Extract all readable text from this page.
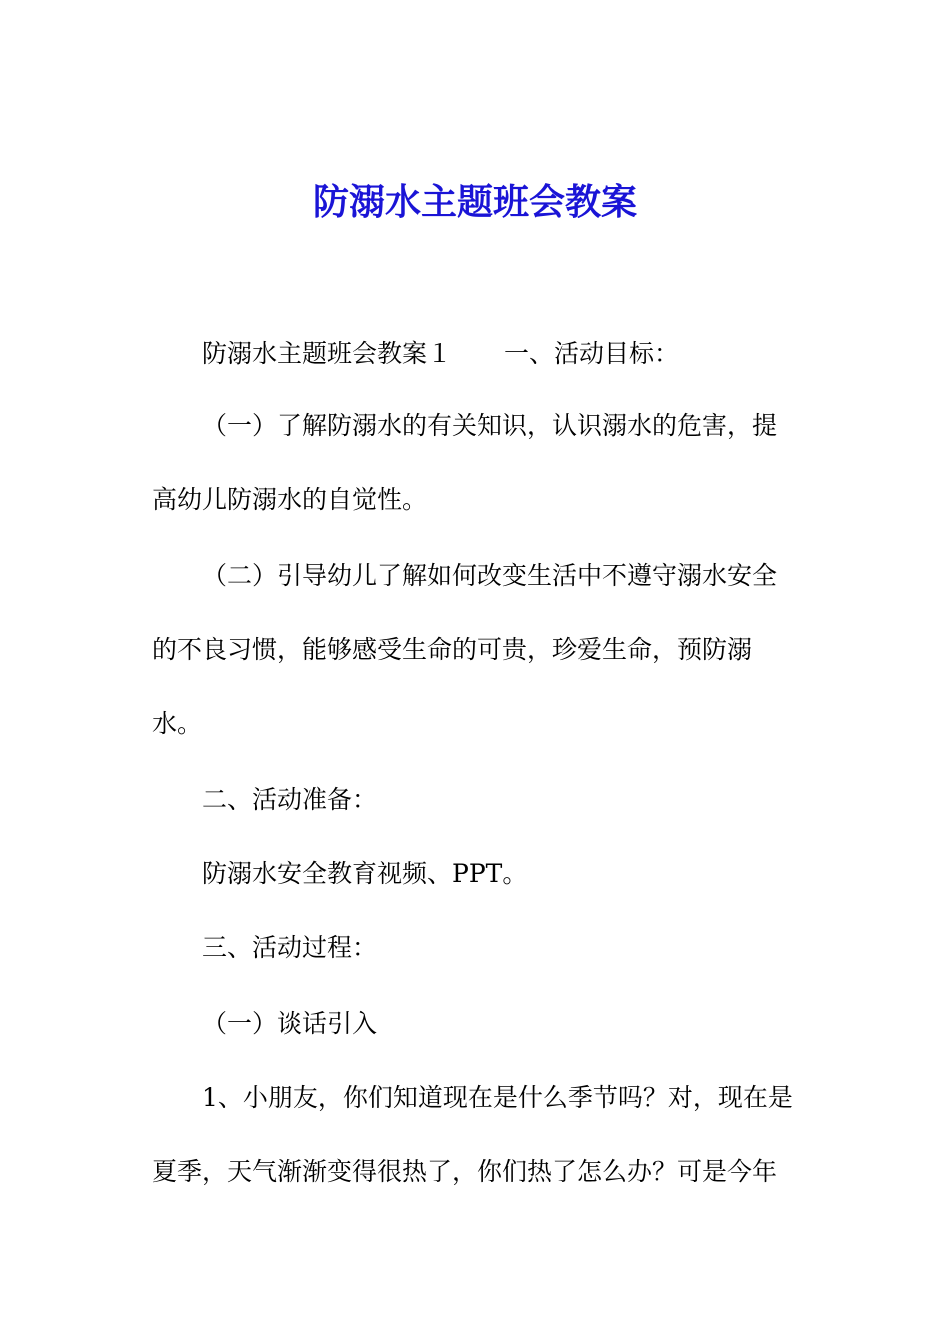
防溺水主题班会教案

防溺水主题班会教案１ 一、活动目标：

（一）了解防溺水的有关知识，认识溺水的危害，提

高幼儿防溺水的自觉性。

（二）引导幼儿了解如何改变生活中不遵守溺水安全

的不良习惯，能够感受生命的可贵，珍爱生命，预防溺

水。

二、活动准备：

防溺水安全教育视频、PPT。

三、活动过程：

（一）谈话引入

1、小朋友，你们知道现在是什么季节吗？对，现在是

夏季，天气渐渐变得很热了，你们热了怎么办？可是今年
